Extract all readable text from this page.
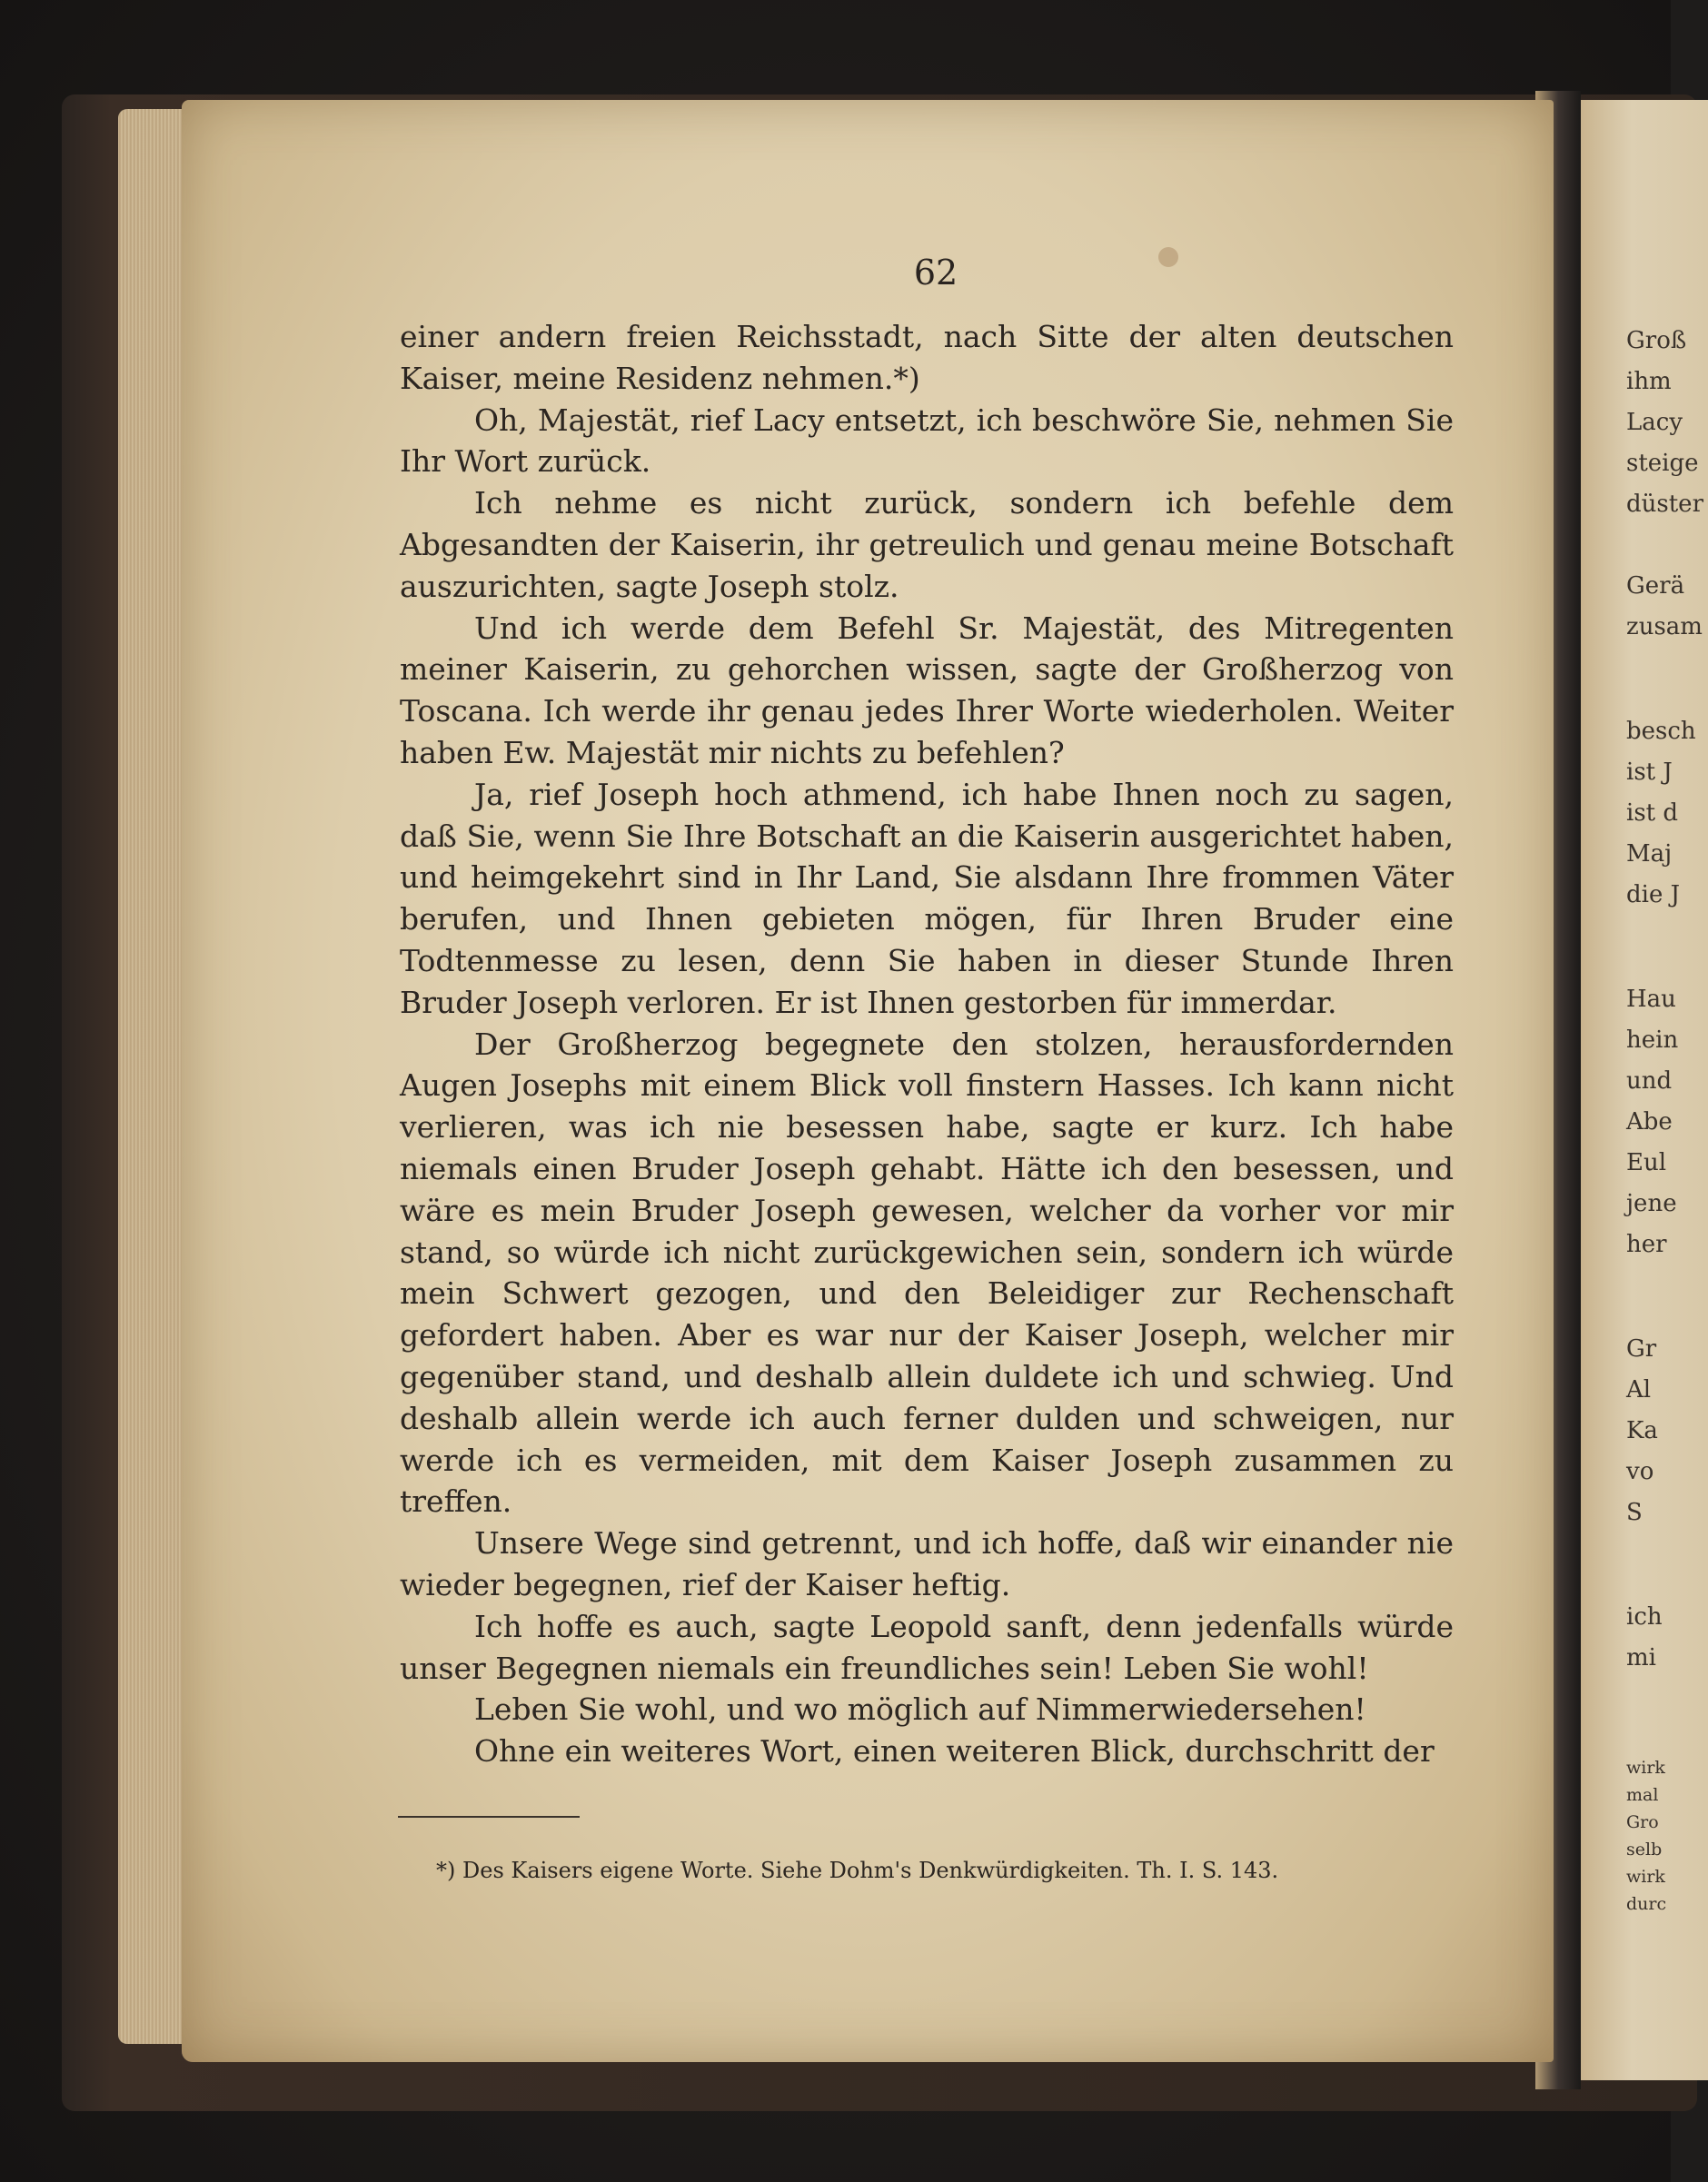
62

einer andern freien Reichsstadt, nach Sitte der alten deutschen Kaiser, meine Residenz nehmen.*)

Oh, Majestät, rief Lacy entsetzt, ich beschwöre Sie, nehmen Sie Ihr Wort zurück.

Ich nehme es nicht zurück, sondern ich befehle dem Abgesandten der Kaiserin, ihr getreulich und genau meine Botschaft auszurichten, sagte Joseph stolz.

Und ich werde dem Befehl Sr. Majestät, des Mitregenten meiner Kaiserin, zu gehorchen wissen, sagte der Großherzog von Toscana. Ich werde ihr genau jedes Ihrer Worte wiederholen. Weiter haben Ew. Majestät mir nichts zu befehlen?

Ja, rief Joseph hoch athmend, ich habe Ihnen noch zu sagen, daß Sie, wenn Sie Ihre Botschaft an die Kaiserin ausgerichtet haben, und heimgekehrt sind in Ihr Land, Sie alsdann Ihre frommen Väter berufen, und Ihnen gebieten mögen, für Ihren Bruder eine Todtenmesse zu lesen, denn Sie haben in dieser Stunde Ihren Bruder Joseph verloren. Er ist Ihnen gestorben für immerdar.

Der Großherzog begegnete den stolzen, herausfordernden Augen Josephs mit einem Blick voll finstern Hasses. Ich kann nicht verlieren, was ich nie besessen habe, sagte er kurz. Ich habe niemals einen Bruder Joseph gehabt. Hätte ich den besessen, und wäre es mein Bruder Joseph gewesen, welcher da vorher vor mir stand, so würde ich nicht zurückgewichen sein, sondern ich würde mein Schwert gezogen, und den Beleidiger zur Rechenschaft gefordert haben. Aber es war nur der Kaiser Joseph, welcher mir gegenüber stand, und deshalb allein duldete ich und schwieg. Und deshalb allein werde ich auch ferner dulden und schweigen, nur werde ich es vermeiden, mit dem Kaiser Joseph zusammen zu treffen.

Unsere Wege sind getrennt, und ich hoffe, daß wir einander nie wieder begegnen, rief der Kaiser heftig.

Ich hoffe es auch, sagte Leopold sanft, denn jedenfalls würde unser Begegnen niemals ein freundliches sein! Leben Sie wohl!

Leben Sie wohl, und wo möglich auf Nimmerwiedersehen!

Ohne ein weiteres Wort, einen weiteren Blick, durchschritt der

*) Des Kaisers eigene Worte. Siehe Dohm's Denkwürdigkeiten. Th. I. S. 143.
Groß
ihm
Lacy
steige
düster
Gerä
zusam
besch
ist J
ist d
Maj
die J
Hau
hein
und
Abe
Eul
jene
her
Gr
Al
Ka
vo
S
ich
mi
wirk
mal
Gro
selb
wirk
durc
